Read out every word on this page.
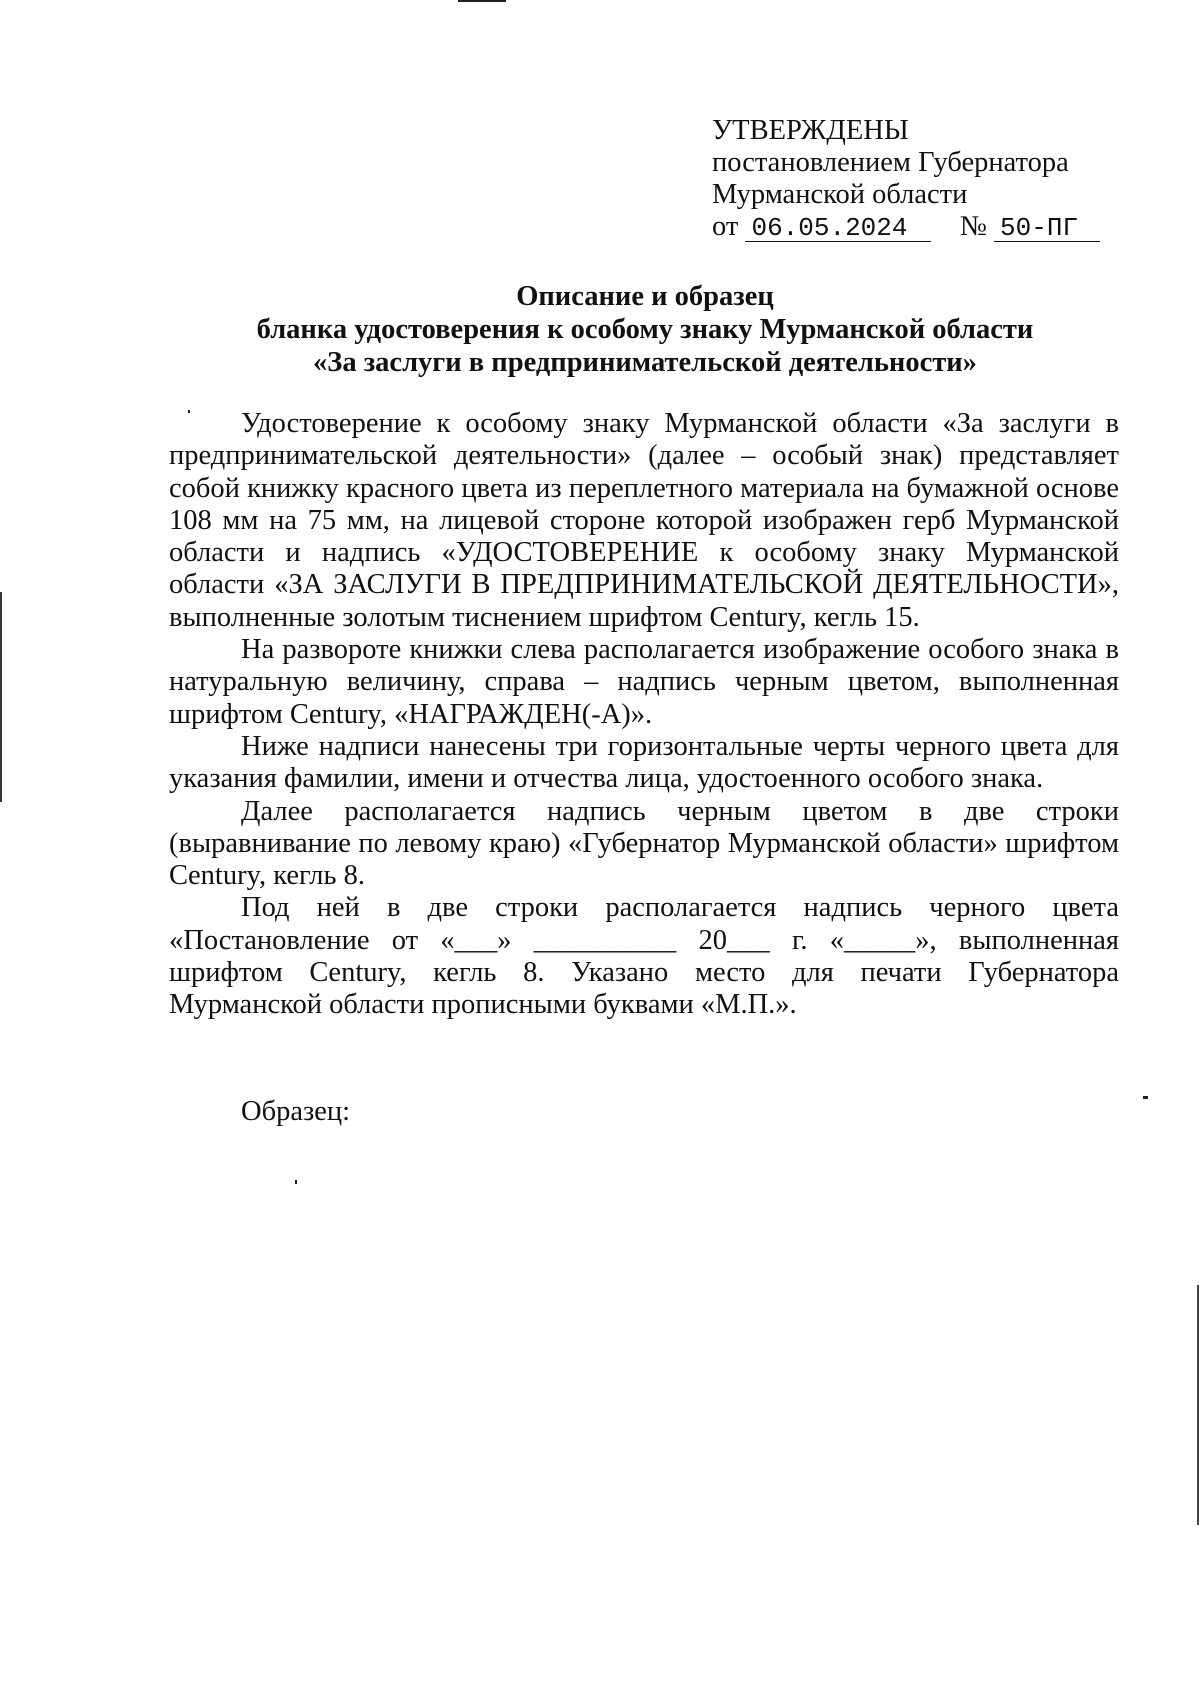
УТВЕРЖДЕНЫ
постановлением Губернатора
Мурманской области
от 06.05.2024 № 50-ПГ
Описание и образец
бланка удостоверения к особому знаку Мурманской области
«За заслуги в предпринимательской деятельности»

Удостоверение к особому знаку Мурманской области «За заслуги в предпринимательской деятельности» (далее – особый знак) представляет собой книжку красного цвета из переплетного материала на бумажной основе 108 мм на 75 мм, на лицевой стороне которой изображен герб Мурманской области и надпись «УДОСТОВЕРЕНИЕ к особому знаку Мурманской области «ЗА ЗАСЛУГИ В ПРЕДПРИНИМАТЕЛЬСКОЙ ДЕЯТЕЛЬНОСТИ», выполненные золотым тиснением шрифтом Century, кегль 15.

На развороте книжки слева располагается изображение особого знака в натуральную величину, справа – надпись черным цветом, выполненная шрифтом Century, «НАГРАЖДЕН(-А)».

Ниже надписи нанесены три горизонтальные черты черного цвета для указания фамилии, имени и отчества лица, удостоенного особого знака.

Далее располагается надпись черным цветом в две строки (выравнивание по левому краю) «Губернатор Мурманской области» шрифтом Century, кегль 8.

Под ней в две строки располагается надпись черного цвета «Постановление от «___» __________ 20___ г. «_____», выполненная шрифтом Century, кегль 8. Указано место для печати Губернатора Мурманской области прописными буквами «М.П.».

Образец:
